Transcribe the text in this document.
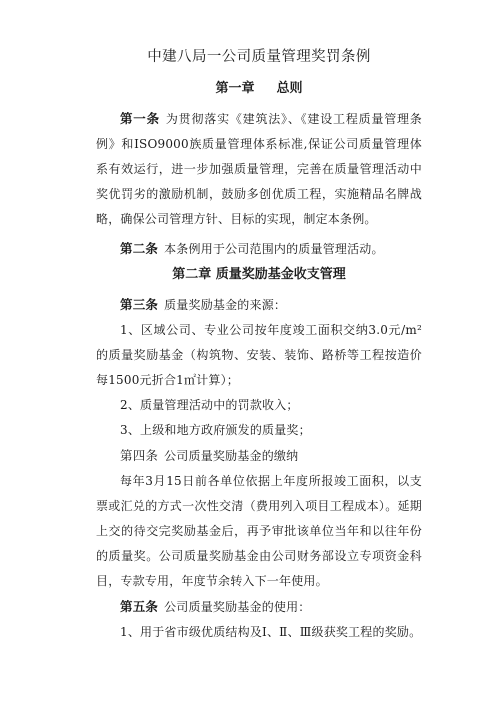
中建八局一公司质量管理奖罚条例
第一章 总则

第一条 为贯彻落实《建筑法》、《建设工程质量管理条例》和ISO9000族质量管理体系标准,保证公司质量管理体系有效运行，进一步加强质量管理，完善在质量管理活动中奖优罚劣的激励机制，鼓励多创优质工程，实施精品名牌战略，确保公司管理方针、目标的实现，制定本条例。

第二条 本条例用于公司范围内的质量管理活动。

第二章 质量奖励基金收支管理

第三条 质量奖励基金的来源：

1、区域公司、专业公司按年度竣工面积交纳3.0元/m²的质量奖励基金（构筑物、安装、装饰、路桥等工程按造价每1500元折合1㎡计算）；

2、质量管理活动中的罚款收入；

3、上级和地方政府颁发的质量奖；

第四条 公司质量奖励基金的缴纳

每年3月15日前各单位依据上年度所报竣工面积，以支票或汇兑的方式一次性交清（费用列入项目工程成本）。延期上交的待交完奖励基金后，再予审批该单位当年和以往年份的质量奖。公司质量奖励基金由公司财务部设立专项资金科目，专款专用，年度节余转入下一年使用。

第五条 公司质量奖励基金的使用：

1、用于省市级优质结构及Ⅰ、Ⅱ、Ⅲ级获奖工程的奖励。
